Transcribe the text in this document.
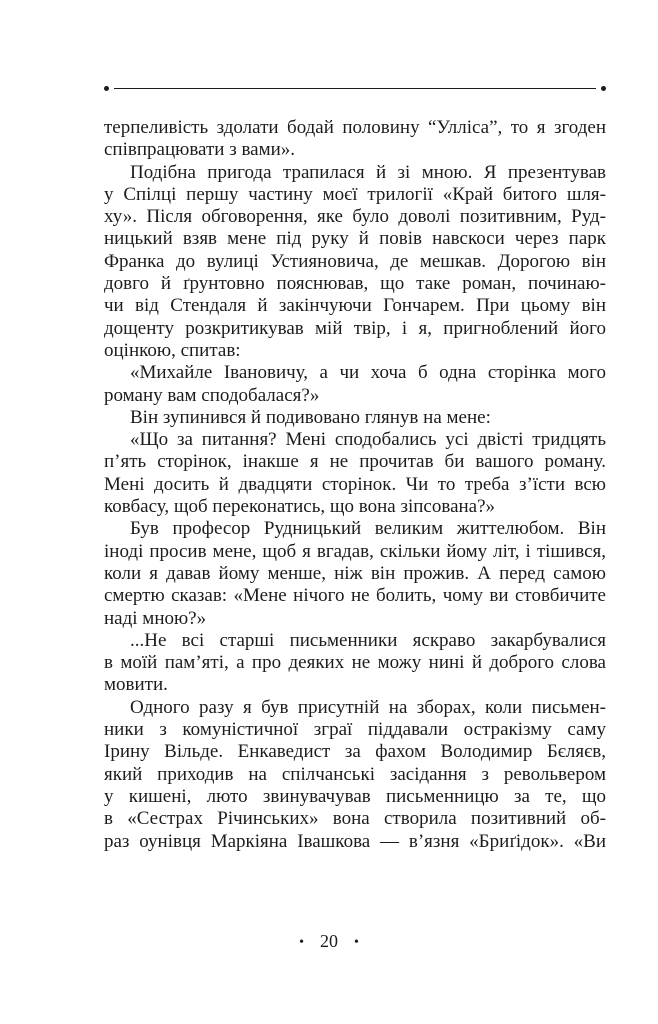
терпеливість здолати бодай половину “Улліса”, то я згоден
співпрацювати з вами».
Подібна пригода трапилася й зі мною. Я презентував
у Спілці першу частину моєї трилогії «Край битого шля-
ху». Після обговорення, яке було доволі позитивним, Руд-
ницький взяв мене під руку й повів навскоси через парк
Франка до вулиці Устияновича, де мешкав. Дорогою він
довго й ґрунтовно пояснював, що таке роман, починаю-
чи від Стендаля й закінчуючи Гончарем. При цьому він
дощенту розкритикував мій твір, і я, пригноблений його
оцінкою, спитав:
«Михайле Івановичу, а чи хоча б одна сторінка мого
роману вам сподобалася?»
Він зупинився й подивовано глянув на мене:
«Що за питання? Мені сподобались усі двісті тридцять
п’ять сторінок, інакше я не прочитав би вашого роману.
Мені досить й двадцяти сторінок. Чи то треба з’їсти всю
ковбасу, щоб переконатись, що вона зіпсована?»
Був професор Рудницький великим життелюбом. Він
іноді просив мене, щоб я вгадав, скільки йому літ, і тішився,
коли я давав йому менше, ніж він прожив. А перед самою
смертю сказав: «Мене нічого не болить, чому ви стовбичите
наді мною?»
...Не всі старші письменники яскраво закарбувалися
в моїй пам’яті, а про деяких не можу нині й доброго слова
мовити.
Одного разу я був присутній на зборах, коли письмен-
ники з комуністичної зграї піддавали остракізму саму
Ірину Вільде. Енкаведист за фахом Володимир Бєляєв,
який приходив на спілчанські засідання з револьвером
у кишені, люто звинувачував письменницю за те, що
в «Сестрах Річинських» вона створила позитивний об-
раз оунівця Маркіяна Івашкова — в’язня «Бриґідок». «Ви
• 20 •
